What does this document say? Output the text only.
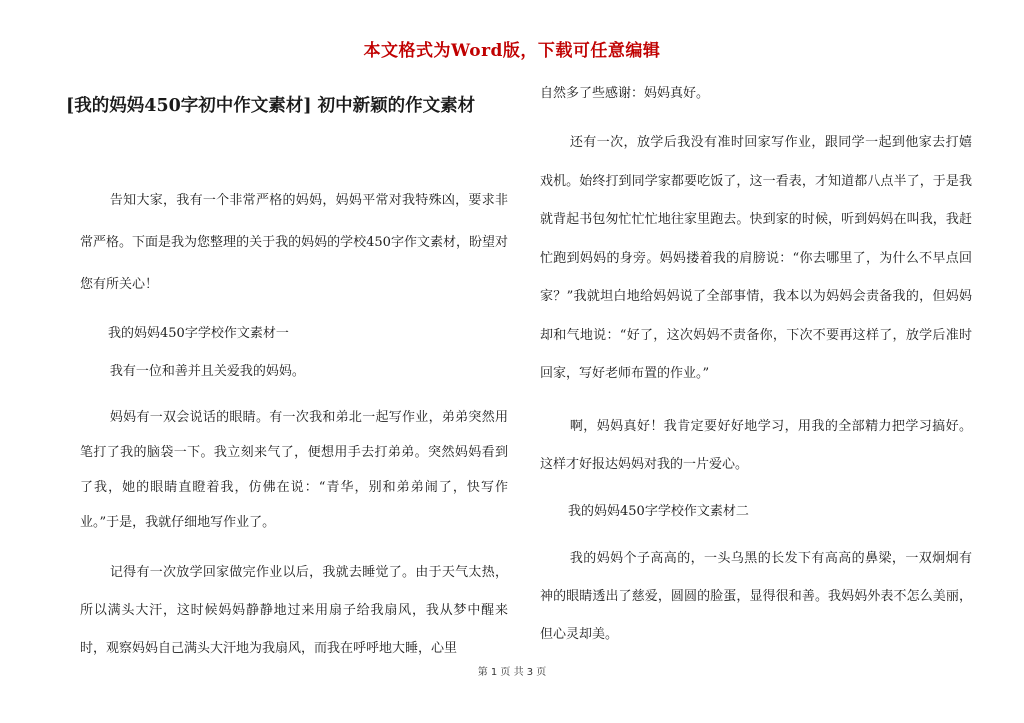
本文格式为Word版，下载可任意编辑
[我的妈妈450字初中作文素材] 初中新颖的作文素材

告知大家，我有一个非常严格的妈妈，妈妈平常对我特殊凶，要求非常严格。下面是我为您整理的关于我的妈妈的学校450字作文素材，盼望对您有所关心！

我的妈妈450字学校作文素材一

我有一位和善并且关爱我的妈妈。

妈妈有一双会说话的眼睛。有一次我和弟北一起写作业，弟弟突然用笔打了我的脑袋一下。我立刻来气了，便想用手去打弟弟。突然妈妈看到了我，她的眼睛直瞪着我，仿佛在说：“青华，别和弟弟闹了，快写作业。”于是，我就仔细地写作业了。

记得有一次放学回家做完作业以后，我就去睡觉了。由于天气太热，所以满头大汗，这时候妈妈静静地过来用扇子给我扇风，我从梦中醒来时，观察妈妈自己满头大汗地为我扇风，而我在呼呼地大睡，心里

自然多了些感谢：妈妈真好。

还有一次，放学后我没有准时回家写作业，跟同学一起到他家去打嬉戏机。始终打到同学家都要吃饭了，这一看表，才知道都八点半了，于是我就背起书包匆忙忙忙地往家里跑去。快到家的时候，听到妈妈在叫我，我赶忙跑到妈妈的身旁。妈妈搂着我的肩膀说：“你去哪里了，为什么不早点回家？”我就坦白地给妈妈说了全部事情，我本以为妈妈会责备我的，但妈妈却和气地说：“好了，这次妈妈不责备你，下次不要再这样了，放学后准时回家，写好老师布置的作业。”

啊，妈妈真好！我肯定要好好地学习，用我的全部精力把学习搞好。这样才好报达妈妈对我的一片爱心。

我的妈妈450字学校作文素材二

我的妈妈个子高高的，一头乌黑的长发下有高高的鼻梁，一双炯炯有神的眼睛透出了慈爱，圆圆的脸蛋，显得很和善。我妈妈外表不怎么美丽，但心灵却美。

第 1 页 共 3 页
